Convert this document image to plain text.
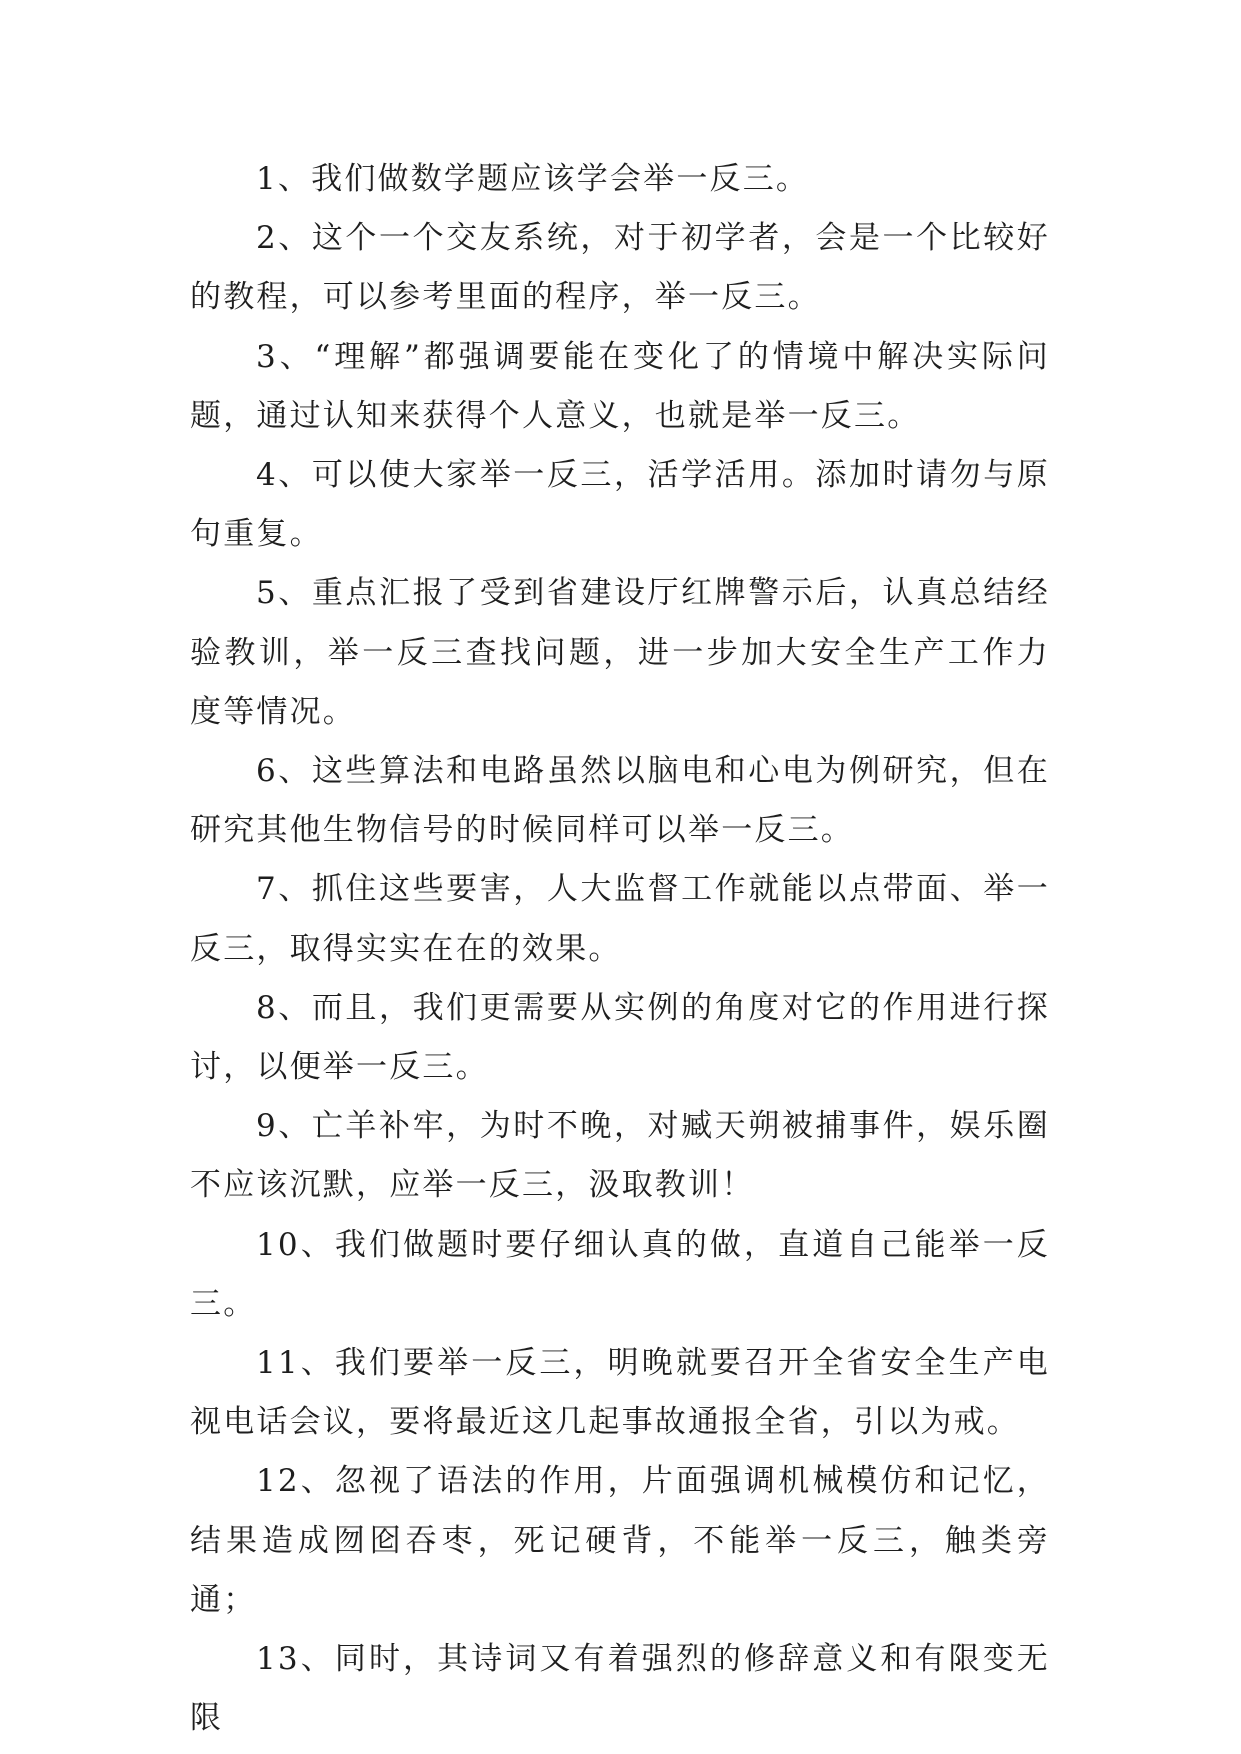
1、我们做数学题应该学会举一反三。

2、这个一个交友系统，对于初学者，会是一个比较好的教程，可以参考里面的程序，举一反三。

3、“理解”都强调要能在变化了的情境中解决实际问题，通过认知来获得个人意义，也就是举一反三。

4、可以使大家举一反三，活学活用。添加时请勿与原句重复。

5、重点汇报了受到省建设厅红牌警示后，认真总结经验教训，举一反三查找问题，进一步加大安全生产工作力度等情况。

6、这些算法和电路虽然以脑电和心电为例研究，但在研究其他生物信号的时候同样可以举一反三。

7、抓住这些要害，人大监督工作就能以点带面、举一反三，取得实实在在的效果。

8、而且，我们更需要从实例的角度对它的作用进行探讨，以便举一反三。

9、亡羊补牢，为时不晚，对臧天朔被捕事件，娱乐圈不应该沉默，应举一反三，汲取教训！

10、我们做题时要仔细认真的做，直道自己能举一反三。

11、我们要举一反三，明晚就要召开全省安全生产电视电话会议，要将最近这几起事故通报全省，引以为戒。

12、忽视了语法的作用，片面强调机械模仿和记忆，结果造成囫囵吞枣，死记硬背，不能举一反三，触类旁通；

13、同时，其诗词又有着强烈的修辞意义和有限变无限
